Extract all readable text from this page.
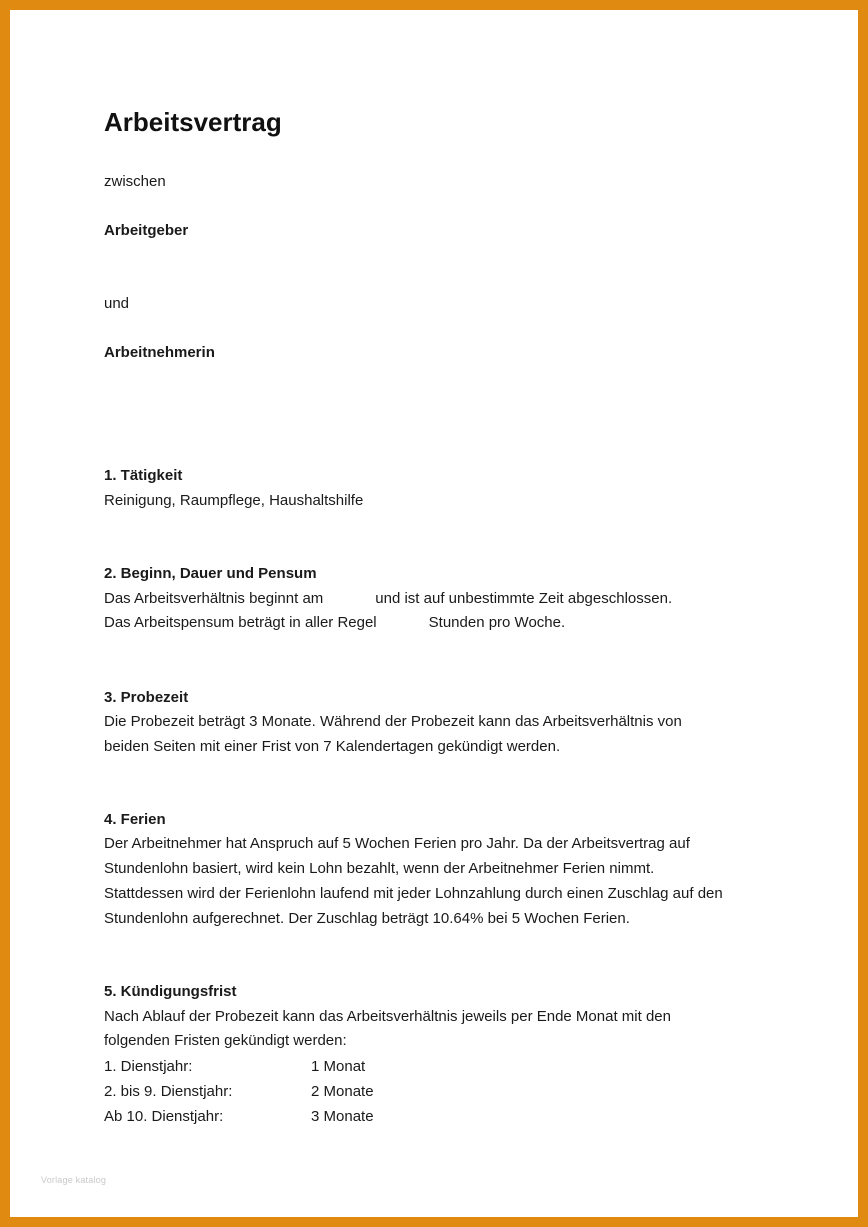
Arbeitsvertrag
zwischen
Arbeitgeber
und
Arbeitnehmerin
1. Tätigkeit
Reinigung, Raumpflege, Haushaltshilfe
2. Beginn, Dauer und Pensum
Das Arbeitsverhältnis beginnt am	und ist auf unbestimmte Zeit abgeschlossen.
Das Arbeitspensum beträgt in aller Regel	Stunden pro Woche.
3. Probezeit
Die Probezeit beträgt 3 Monate. Während der Probezeit kann das Arbeitsverhältnis von
beiden Seiten mit einer Frist von 7 Kalendertagen gekündigt werden.
4. Ferien
Der Arbeitnehmer hat Anspruch auf 5 Wochen Ferien pro Jahr. Da der Arbeitsvertrag auf
Stundenlohn basiert, wird kein Lohn bezahlt, wenn der Arbeitnehmer Ferien nimmt.
Stattdessen wird der Ferienlohn laufend mit jeder Lohnzahlung durch einen Zuschlag auf den
Stundenlohn aufgerechnet. Der Zuschlag beträgt 10.64% bei 5 Wochen Ferien.
5. Kündigungsfrist
Nach Ablauf der Probezeit kann das Arbeitsverhältnis jeweils per Ende Monat mit den
folgenden Fristen gekündigt werden:
1. Dienstjahr:	1 Monat
2. bis 9. Dienstjahr:	2 Monate
Ab 10. Dienstjahr:	3 Monate
Vorlage katalog
